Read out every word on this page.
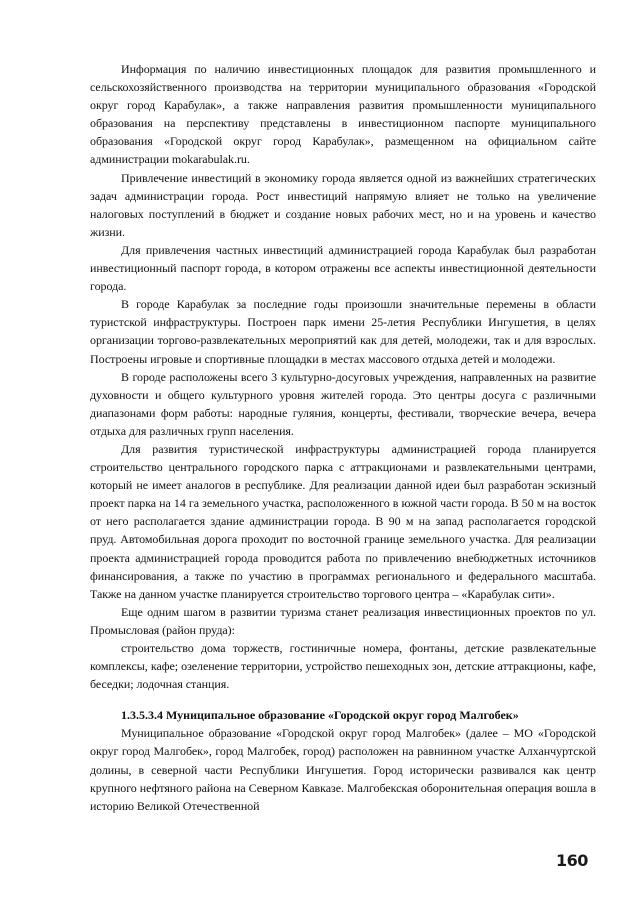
Информация по наличию инвестиционных площадок для развития промышленного и сельскохозяйственного производства на территории муниципального образования «Городской округ город Карабулак», а также направления развития промышленности муниципального образования на перспективу представлены в инвестиционном паспорте муниципального образования «Городской округ город Карабулак», размещенном на официальном сайте администрации mokarabulak.ru.

Привлечение инвестиций в экономику города является одной из важнейших стратегических задач администрации города. Рост инвестиций напрямую влияет не только на увеличение налоговых поступлений в бюджет и создание новых рабочих мест, но и на уровень и качество жизни.

Для привлечения частных инвестиций администрацией города Карабулак был разработан инвестиционный паспорт города, в котором отражены все аспекты инвестиционной деятельности города.

В городе Карабулак за последние годы произошли значительные перемены в области туристской инфраструктуры. Построен парк имени 25-летия Республики Ингушетия, в целях организации торгово-развлекательных мероприятий как для детей, молодежи, так и для взрослых. Построены игровые и спортивные площадки в местах массового отдыха детей и молодежи.

В городе расположены всего 3 культурно-досуговых учреждения, направленных на развитие духовности и общего культурного уровня жителей города. Это центры досуга с различными диапазонами форм работы: народные гуляния, концерты, фестивали, творческие вечера, вечера отдыха для различных групп населения.

Для развития туристической инфраструктуры администрацией города планируется строительство центрального городского парка с аттракционами и развлекательными центрами, который не имеет аналогов в республике. Для реализации данной идеи был разработан эскизный проект парка на 14 га земельного участка, расположенного в южной части города. В 50 м на восток от него располагается здание администрации города. В 90 м на запад располагается городской пруд. Автомобильная дорога проходит по восточной границе земельного участка. Для реализации проекта администрацией города проводится работа по привлечению внебюджетных источников финансирования, а также по участию в программах регионального и федерального масштаба. Также на данном участке планируется строительство торгового центра – «Карабулак сити».

Еще одним шагом в развитии туризма станет реализация инвестиционных проектов по ул. Промысловая (район пруда):

строительство дома торжеств, гостиничные номера, фонтаны, детские развлекательные комплексы, кафе; озеленение территории, устройство пешеходных зон, детские аттракционы, кафе, беседки; лодочная станция.

1.3.5.3.4 Муниципальное образование «Городской округ город Малгобек»

Муниципальное образование «Городской округ город Малгобек» (далее – МО «Городской округ город Малгобек», город Малгобек, город) расположен на равнинном участке Алханчуртской долины, в северной части Республики Ингушетия. Город исторически развивался как центр крупного нефтяного района на Северном Кавказе. Малгобекская оборонительная операция вошла в историю Великой Отечественной

160
